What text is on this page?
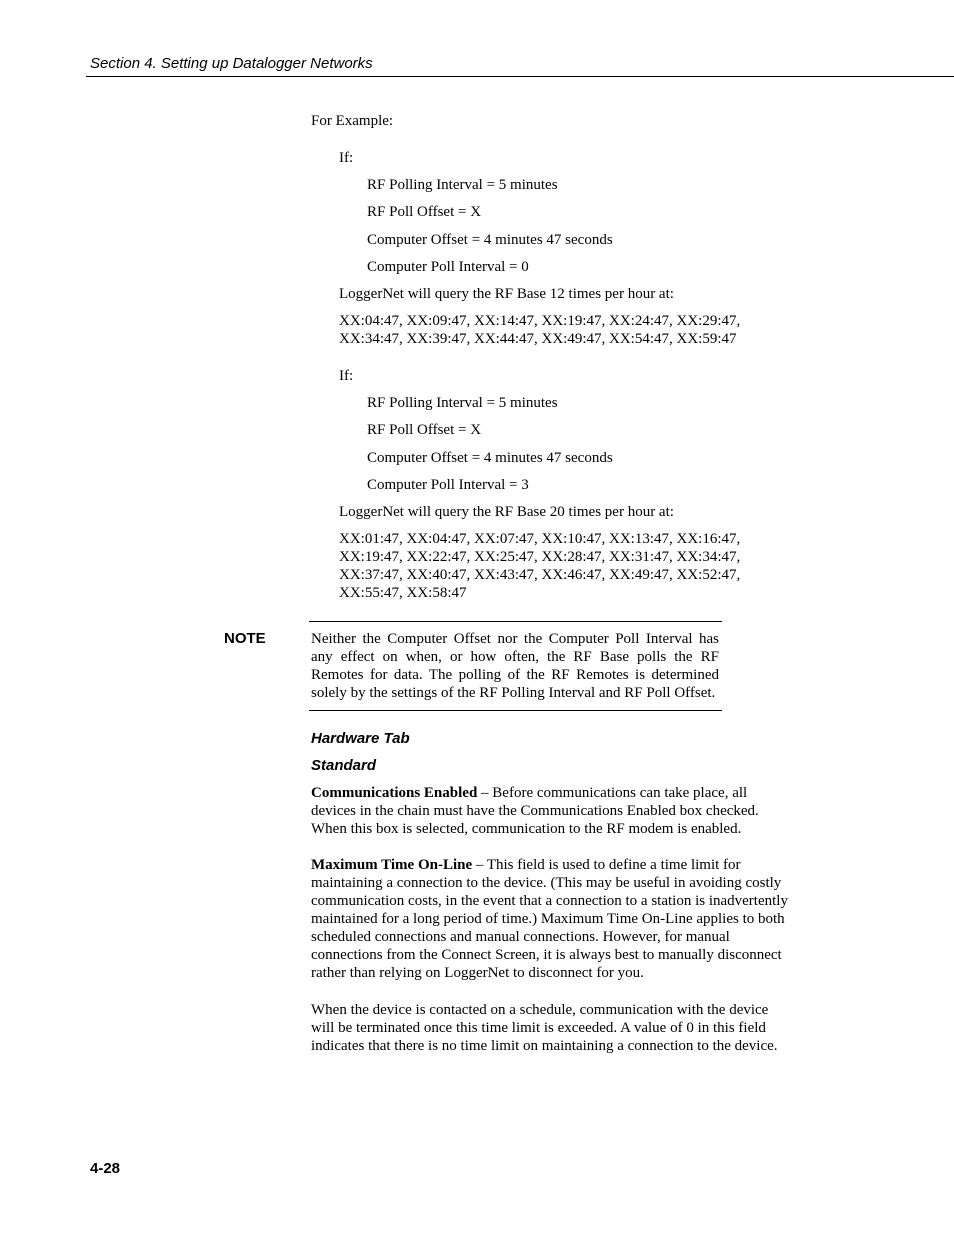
Section 4. Setting up Datalogger Networks
For Example:
If:
RF Polling Interval = 5 minutes
RF Poll Offset = X
Computer Offset = 4 minutes 47 seconds
Computer Poll Interval = 0
LoggerNet will query the RF Base 12 times per hour at:
XX:04:47, XX:09:47, XX:14:47, XX:19:47, XX:24:47, XX:29:47,
XX:34:47, XX:39:47, XX:44:47, XX:49:47, XX:54:47, XX:59:47
If:
RF Polling Interval = 5 minutes
RF Poll Offset = X
Computer Offset = 4 minutes 47 seconds
Computer Poll Interval = 3
LoggerNet will query the RF Base 20 times per hour at:
XX:01:47, XX:04:47, XX:07:47, XX:10:47, XX:13:47, XX:16:47,
XX:19:47, XX:22:47, XX:25:47, XX:28:47, XX:31:47, XX:34:47,
XX:37:47, XX:40:47, XX:43:47, XX:46:47, XX:49:47, XX:52:47,
XX:55:47, XX:58:47
NOTE	Neither the Computer Offset nor the Computer Poll Interval has any effect on when, or how often, the RF Base polls the RF Remotes for data. The polling of the RF Remotes is determined solely by the settings of the RF Polling Interval and RF Poll Offset.
Hardware Tab
Standard
Communications Enabled – Before communications can take place, all
devices in the chain must have the Communications Enabled box checked.
When this box is selected, communication to the RF modem is enabled.
Maximum Time On-Line – This field is used to define a time limit for
maintaining a connection to the device. (This may be useful in avoiding costly
communication costs, in the event that a connection to a station is inadvertently
maintained for a long period of time.) Maximum Time On-Line applies to both
scheduled connections and manual connections. However, for manual
connections from the Connect Screen, it is always best to manually disconnect
rather than relying on LoggerNet to disconnect for you.
When the device is contacted on a schedule, communication with the device
will be terminated once this time limit is exceeded. A value of 0 in this field
indicates that there is no time limit on maintaining a connection to the device.
4-28
